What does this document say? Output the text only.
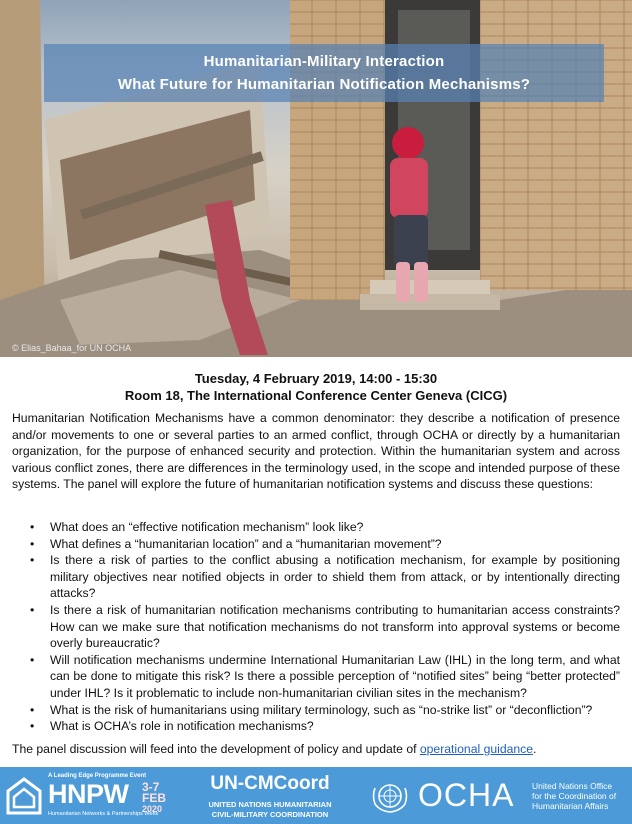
Humanitarian-Military Interaction
What Future for Humanitarian Notification Mechanisms?
© Elias_Bahaa_for UN OCHA
Tuesday, 4 February 2019, 14:00 - 15:30
Room 18, The International Conference Center Geneva (CICG)

Humanitarian Notification Mechanisms have a common denominator: they describe a notification of presence and/or movements to one or several parties to an armed conflict, through OCHA or directly by a humanitarian organization, for the purpose of enhanced security and protection. Within the humanitarian system and across various conflict zones, there are differences in the terminology used, in the scope and intended purpose of these systems. The panel will explore the future of humanitarian notification systems and discuss these questions:

• What does an “effective notification mechanism” look like?
• What defines a “humanitarian location” and a “humanitarian movement”?
• Is there a risk of parties to the conflict abusing a notification mechanism, for example by positioning military objectives near notified objects in order to shield them from attack, or by intentionally directing attacks?
• Is there a risk of humanitarian notification mechanisms contributing to humanitarian access constraints? How can we make sure that notification mechanisms do not transform into approval systems or become overly bureaucratic?
• Will notification mechanisms undermine International Humanitarian Law (IHL) in the long term, and what can be done to mitigate this risk? Is there a possible perception of “notified sites” being “better protected” under IHL? Is it problematic to include non-humanitarian civilian sites in the mechanism?
• What is the risk of humanitarians using military terminology, such as “no-strike list” or “deconfliction”?
• What is OCHA’s role in notification mechanisms?

The panel discussion will feed into the development of policy and update of operational guidance.

A Leading Edge Programme Event
HNPW 3-7
FEB
2020
Humanitarian Networks & Partnerships Week
UN-CMCoord
UNITED NATIONS HUMANITARIAN
CIVIL-MILITARY COORDINATION
OCHA United Nations Office
for the Coordination of
Humanitarian Affairs
